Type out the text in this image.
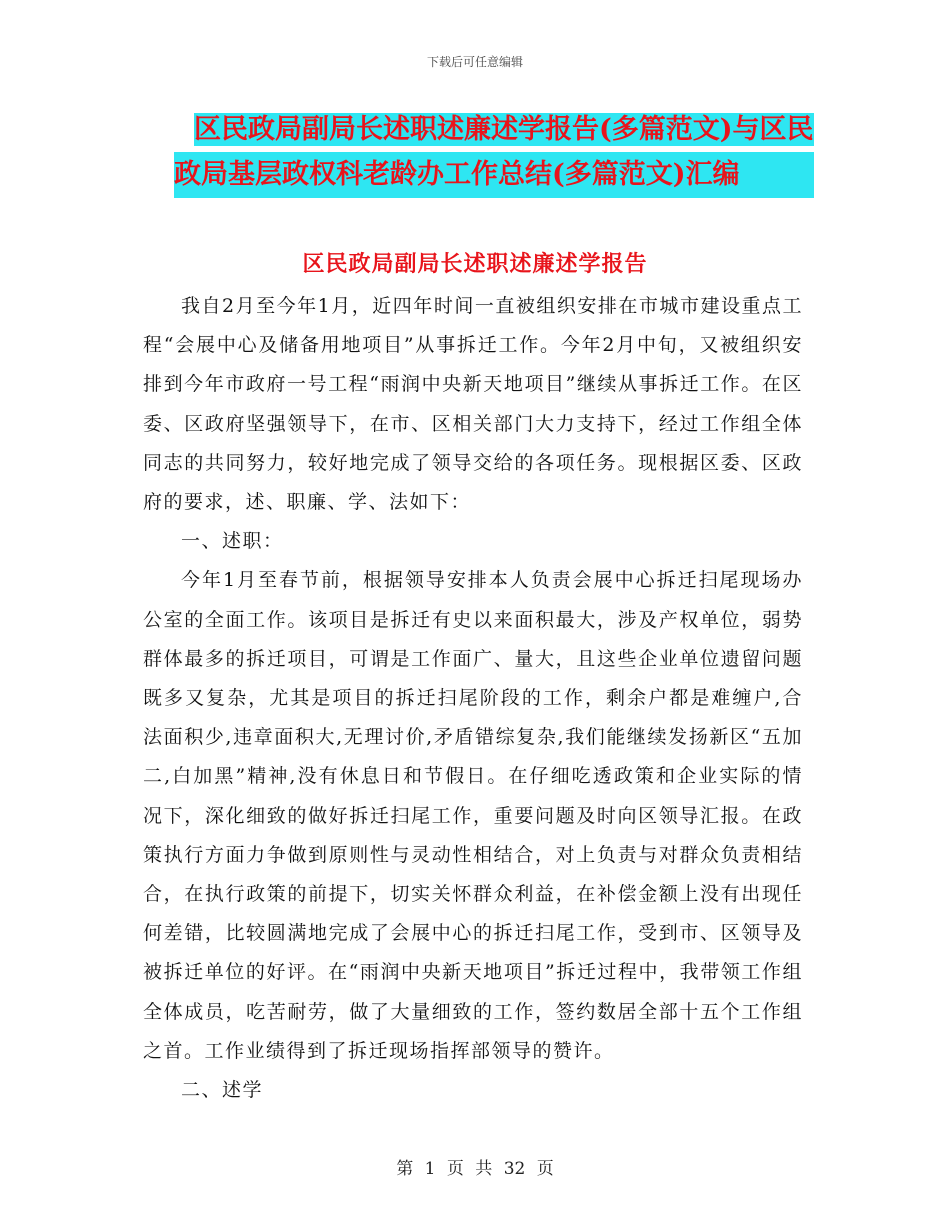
下载后可任意编辑
区民政局副局长述职述廉述学报告(多篇范文)与区民
政局基层政权科老龄办工作总结(多篇范文)汇编
区民政局副局长述职述廉述学报告

我自2月至今年1月，近四年时间一直被组织安排在市城市建设重点工程“会展中心及储备用地项目”从事拆迁工作。今年2月中旬，又被组织安排到今年市政府一号工程“雨润中央新天地项目”继续从事拆迁工作。在区委、区政府坚强领导下，在市、区相关部门大力支持下，经过工作组全体同志的共同努力，较好地完成了领导交给的各项任务。现根据区委、区政府的要求，述、职廉、学、法如下：

一、述职：

今年1月至春节前，根据领导安排本人负责会展中心拆迁扫尾现场办公室的全面工作。该项目是拆迁有史以来面积最大，涉及产权单位，弱势群体最多的拆迁项目，可谓是工作面广、量大，且这些企业单位遗留问题既多又复杂，尤其是项目的拆迁扫尾阶段的工作，剩余户都是难缠户,合法面积少,违章面积大,无理讨价,矛盾错综复杂,我们能继续发扬新区“五加二,白加黑”精神,没有休息日和节假日。在仔细吃透政策和企业实际的情况下，深化细致的做好拆迁扫尾工作，重要问题及时向区领导汇报。在政策执行方面力争做到原则性与灵动性相结合，对上负责与对群众负责相结合，在执行政策的前提下，切实关怀群众利益，在补偿金额上没有出现任何差错，比较圆满地完成了会展中心的拆迁扫尾工作，受到市、区领导及被拆迁单位的好评。在“雨润中央新天地项目”拆迁过程中，我带领工作组全体成员，吃苦耐劳，做了大量细致的工作，签约数居全部十五个工作组之首。工作业绩得到了拆迁现场指挥部领导的赞许。

二、述学

第 1 页 共 32 页
